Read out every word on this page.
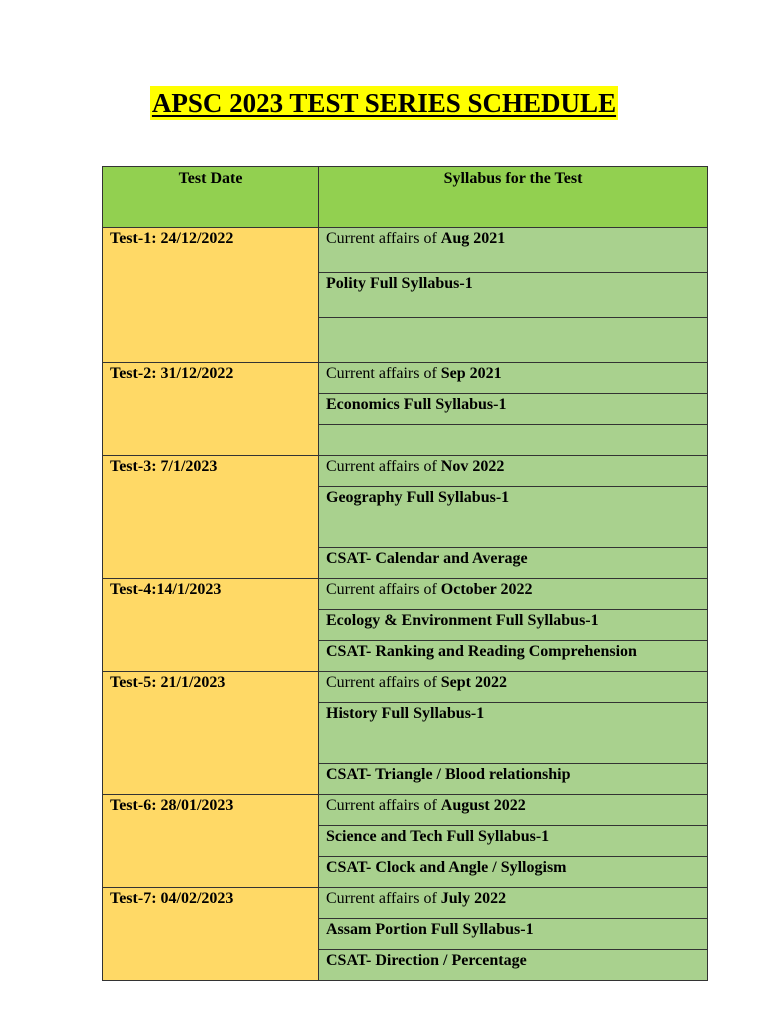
APSC 2023 TEST SERIES SCHEDULE
Test Date	Syllabus for the Test
Test-1: 24/12/2022	Current affairs of Aug 2021
	Polity Full Syllabus-1

Test-2: 31/12/2022	Current affairs of Sep 2021
	Economics Full Syllabus-1

Test-3: 7/1/2023	Current affairs of Nov 2022
	Geography Full Syllabus-1
	CSAT- Calendar and Average
Test-4:14/1/2023	Current affairs of October 2022
	Ecology & Environment Full Syllabus-1
	CSAT- Ranking and Reading Comprehension
Test-5: 21/1/2023	Current affairs of Sept 2022
	History Full Syllabus-1
	CSAT- Triangle / Blood relationship
Test-6: 28/01/2023	Current affairs of August 2022
	Science and Tech Full Syllabus-1
	CSAT- Clock and Angle / Syllogism
Test-7: 04/02/2023	Current affairs of July 2022
	Assam Portion Full Syllabus-1
	CSAT- Direction / Percentage
